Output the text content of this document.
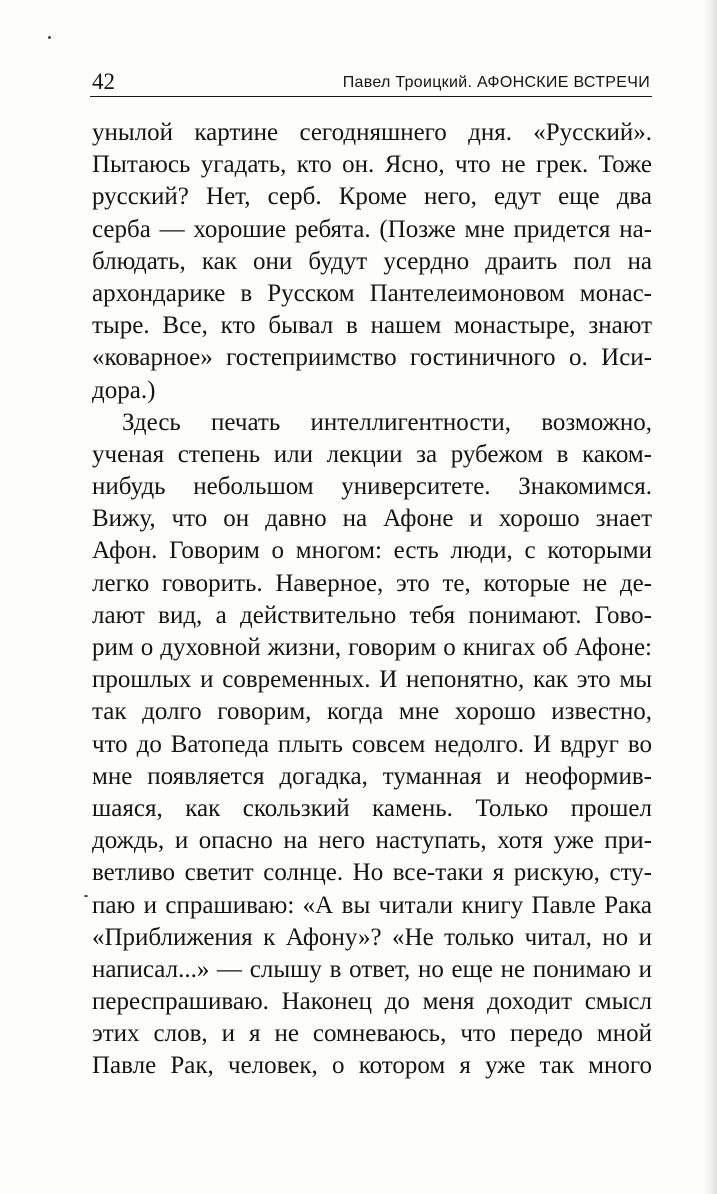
42	Павел Троицкий. АФОНСКИЕ ВСТРЕЧИ
унылой картине сегодняшнего дня. «Русский».
Пытаюсь угадать, кто он. Ясно, что не грек. Тоже
русский? Нет, серб. Кроме него, едут еще два
серба — хорошие ребята. (Позже мне придется на-
блюдать, как они будут усердно драить пол на
архондарике в Русском Пантелеимоновом монас-
тыре. Все, кто бывал в нашем монастыре, знают
«коварное» гостеприимство гостиничного о. Иси-
дора.)
Здесь печать интеллигентности, возможно,
ученая степень или лекции за рубежом в каком-
нибудь небольшом университете. Знакомимся.
Вижу, что он давно на Афоне и хорошо знает
Афон. Говорим о многом: есть люди, с которыми
легко говорить. Наверное, это те, которые не де-
лают вид, а действительно тебя понимают. Гово-
рим о духовной жизни, говорим о книгах об Афоне:
прошлых и современных. И непонятно, как это мы
так долго говорим, когда мне хорошо известно,
что до Ватопеда плыть совсем недолго. И вдруг во
мне появляется догадка, туманная и неоформив-
шаяся, как скользкий камень. Только прошел
дождь, и опасно на него наступать, хотя уже при-
ветливо светит солнце. Но все-таки я рискую, сту-
паю и спрашиваю: «А вы читали книгу Павле Рака
«Приближения к Афону»? «Не только читал, но и
написал...» — слышу в ответ, но еще не понимаю и
переспрашиваю. Наконец до меня доходит смысл
этих слов, и я не сомневаюсь, что передо мной
Павле Рак, человек, о котором я уже так много
